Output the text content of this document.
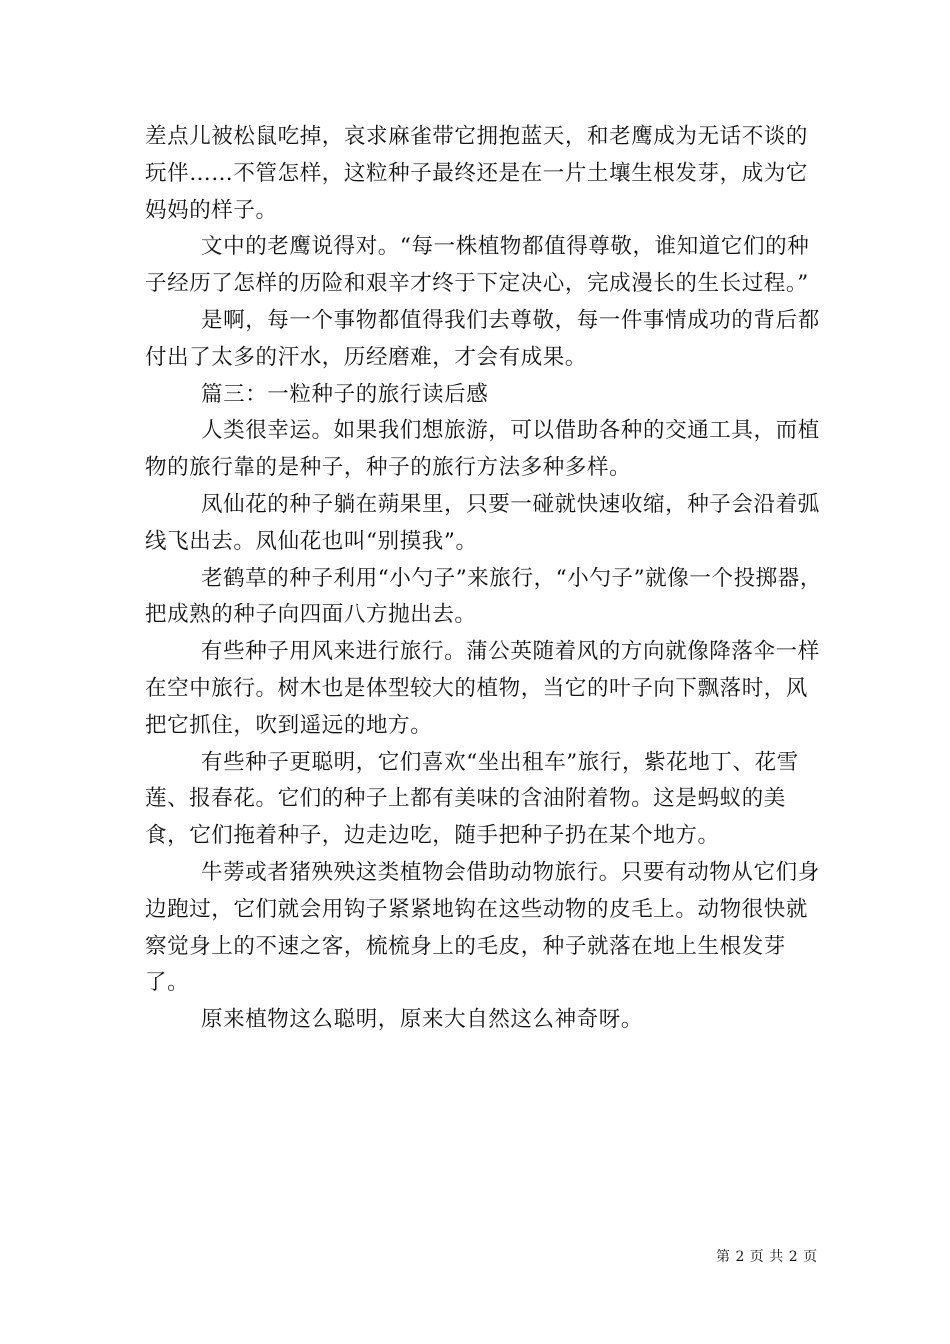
差点儿被松鼠吃掉，哀求麻雀带它拥抱蓝天，和老鹰成为无话不谈的玩伴……不管怎样，这粒种子最终还是在一片土壤生根发芽，成为它妈妈的样子。

文中的老鹰说得对。“每一株植物都值得尊敬，谁知道它们的种子经历了怎样的历险和艰辛才终于下定决心，完成漫长的生长过程。”

是啊，每一个事物都值得我们去尊敬，每一件事情成功的背后都付出了太多的汗水，历经磨难，才会有成果。

篇三：一粒种子的旅行读后感

人类很幸运。如果我们想旅游，可以借助各种的交通工具，而植物的旅行靠的是种子，种子的旅行方法多种多样。

凤仙花的种子躺在蒴果里，只要一碰就快速收缩，种子会沿着弧线飞出去。凤仙花也叫“别摸我”。

老鹤草的种子利用“小勺子”来旅行，“小勺子”就像一个投掷器，把成熟的种子向四面八方抛出去。

有些种子用风来进行旅行。蒲公英随着风的方向就像降落伞一样在空中旅行。树木也是体型较大的植物，当它的叶子向下飘落时，风把它抓住，吹到遥远的地方。

有些种子更聪明，它们喜欢“坐出租车”旅行，紫花地丁、花雪莲、报春花。它们的种子上都有美味的含油附着物。这是蚂蚁的美食，它们拖着种子，边走边吃，随手把种子扔在某个地方。

牛蒡或者猪殃殃这类植物会借助动物旅行。只要有动物从它们身边跑过，它们就会用钩子紧紧地钩在这些动物的皮毛上。动物很快就察觉身上的不速之客，梳梳身上的毛皮，种子就落在地上生根发芽了。

原来植物这么聪明，原来大自然这么神奇呀。

第 2 页 共 2 页
